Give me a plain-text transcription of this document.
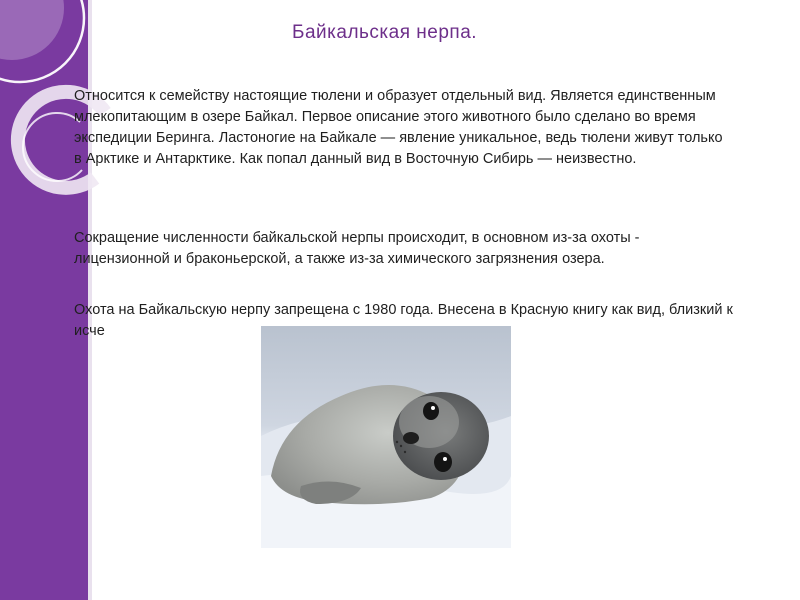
Байкальская нерпа.

Относится к семейству настоящие тюлени и образует отдельный вид. Является единственным млекопитающим в озере Байкал. Первое описание этого животного было сделано во время экспедиции Беринга. Ластоногие на Байкале — явление уникальное, ведь тюлени живут только в Арктике и Антарктике. Как попал данный вид в Восточную Сибирь — неизвестно.

Сокращение численности байкальской нерпы происходит, в основном из-за охоты - лицензионной и браконьерской, а также из-за химического загрязнения озера.

Охота на Байкальскую нерпу запрещена с 1980 года. Внесена в Красную книгу как вид, близкий к исче
